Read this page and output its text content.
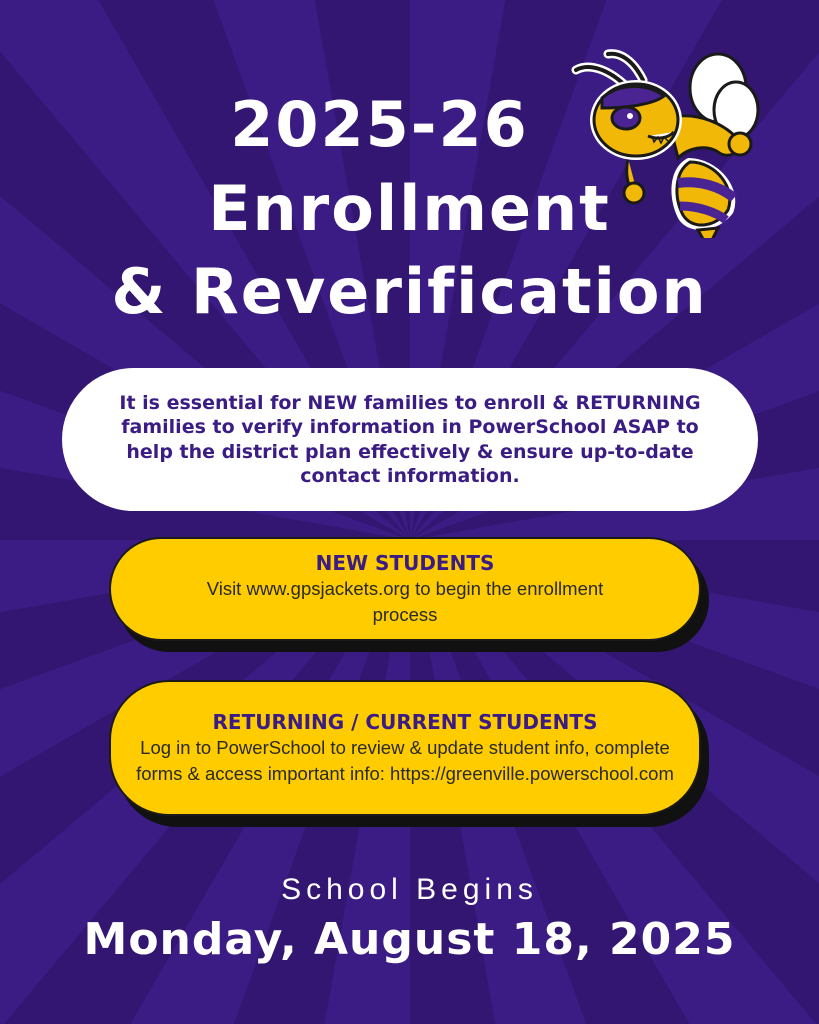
2025-26
Enrollment
& Reverification
It is essential for NEW families to enroll & RETURNING families to verify information in PowerSchool ASAP to help the district plan effectively & ensure up-to-date contact information.
NEW STUDENTS
Visit www.gpsjackets.org to begin the enrollment process
RETURNING / CURRENT STUDENTS
Log in to PowerSchool to review & update student info, complete forms & access important info: https://greenville.powerschool.com
School Begins
Monday, August 18, 2025
